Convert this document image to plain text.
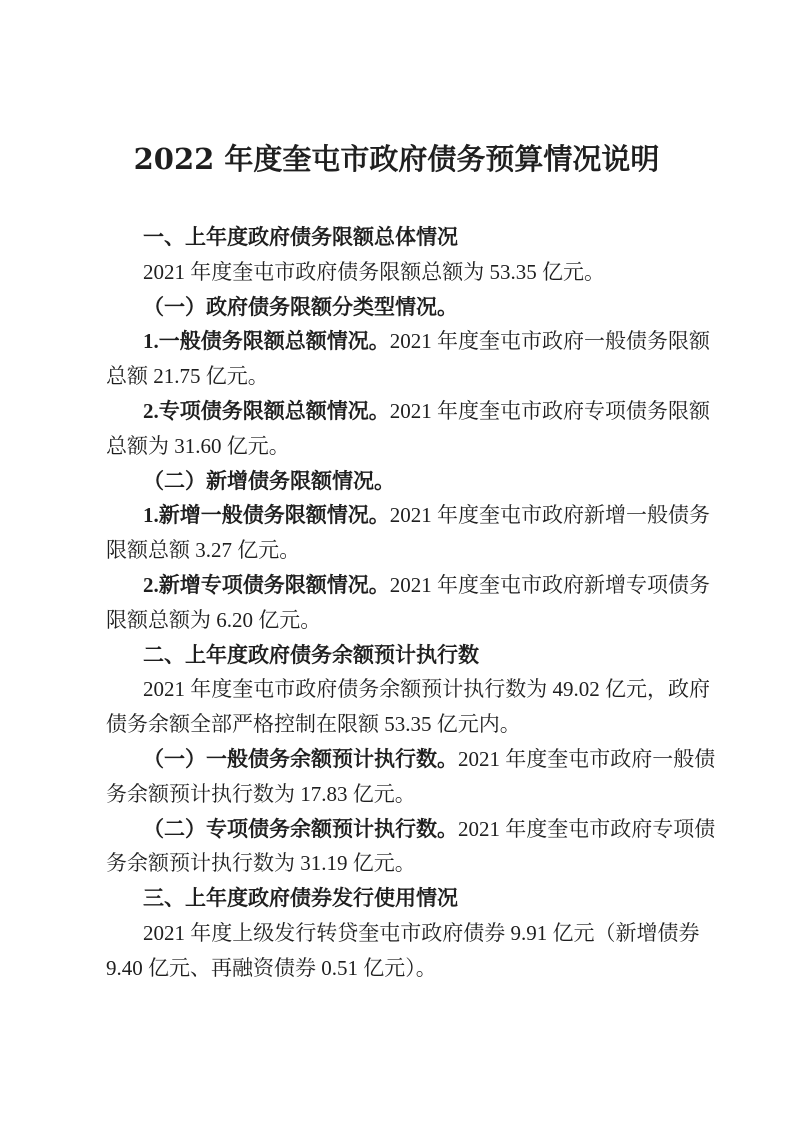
2022 年度奎屯市政府债务预算情况说明
一、上年度政府债务限额总体情况
2021 年度奎屯市政府债务限额总额为 53.35 亿元。
（一）政府债务限额分类型情况。
1.一般债务限额总额情况。2021 年度奎屯市政府一般债务限额
总额 21.75 亿元。
2.专项债务限额总额情况。2021 年度奎屯市政府专项债务限额
总额为 31.60 亿元。
（二）新增债务限额情况。
1.新增一般债务限额情况。2021 年度奎屯市政府新增一般债务
限额总额 3.27 亿元。
2.新增专项债务限额情况。2021 年度奎屯市政府新增专项债务
限额总额为 6.20 亿元。
二、上年度政府债务余额预计执行数
2021 年度奎屯市政府债务余额预计执行数为 49.02 亿元，政府
债务余额全部严格控制在限额 53.35 亿元内。
（一）一般债务余额预计执行数。2021 年度奎屯市政府一般债
务余额预计执行数为 17.83 亿元。
（二）专项债务余额预计执行数。2021 年度奎屯市政府专项债
务余额预计执行数为 31.19 亿元。
三、上年度政府债券发行使用情况
2021 年度上级发行转贷奎屯市政府债券 9.91 亿元（新增债券
9.40 亿元、再融资债券 0.51 亿元）。
